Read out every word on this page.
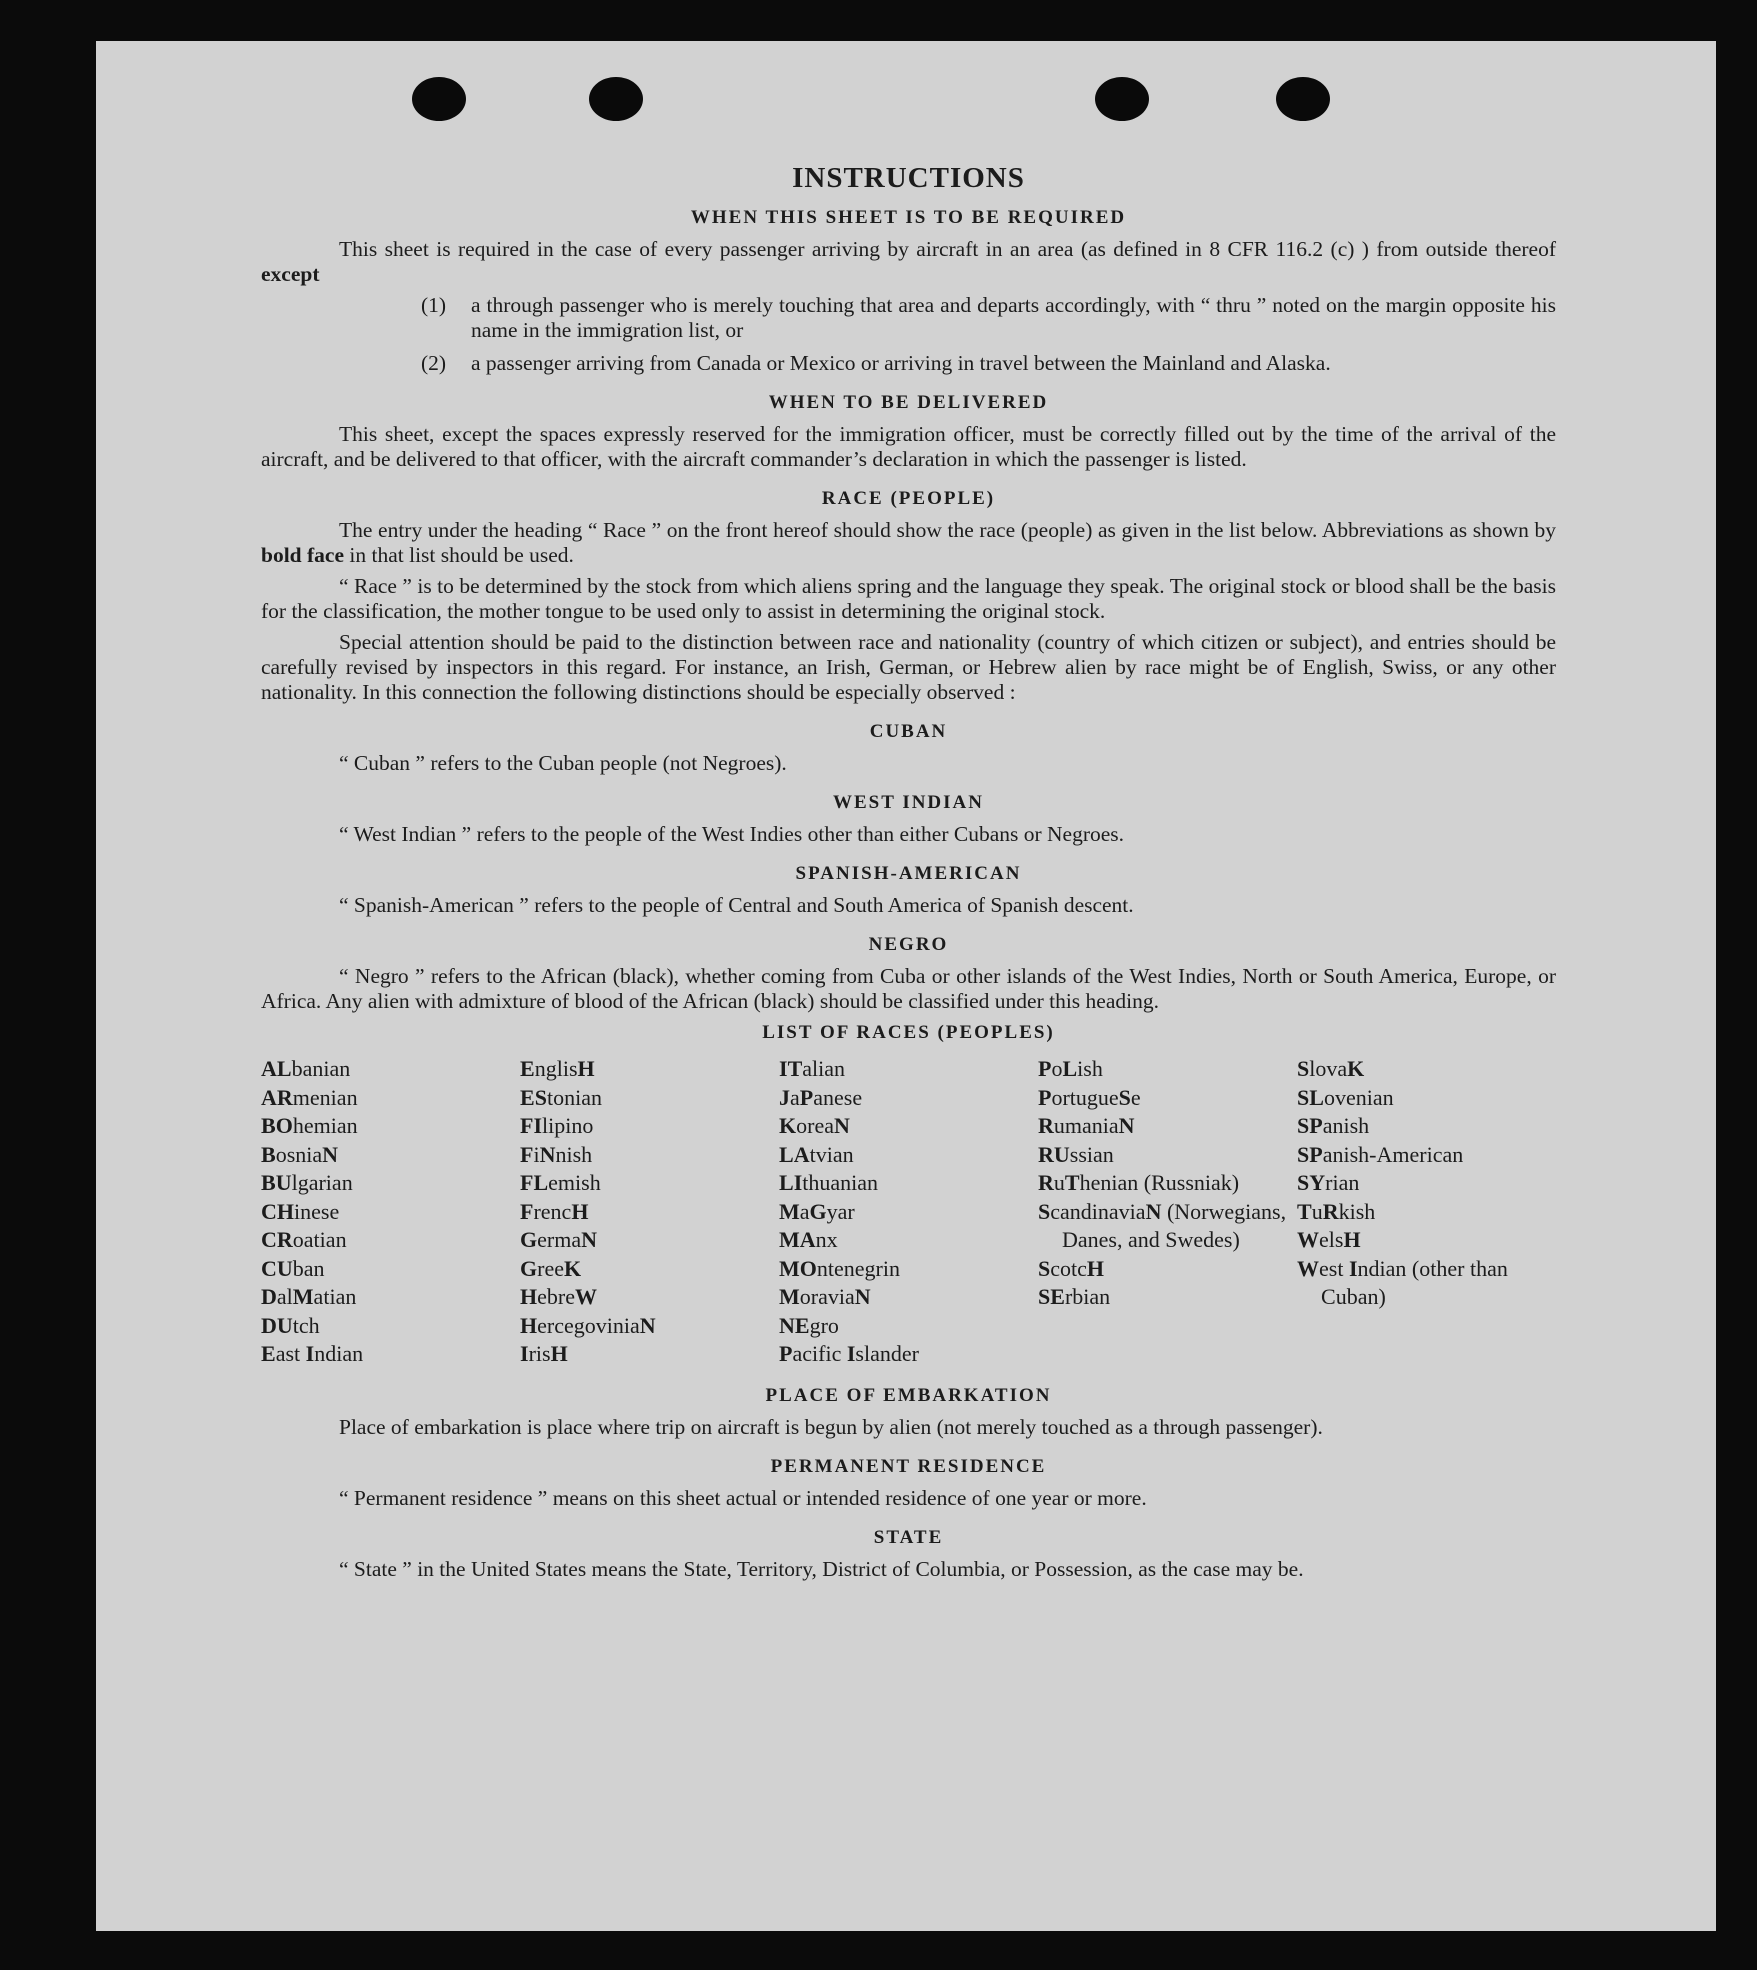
INSTRUCTIONS
WHEN THIS SHEET IS TO BE REQUIRED

This sheet is required in the case of every passenger arriving by aircraft in an area (as defined in 8 CFR 116.2 (c) ) from outside thereof except

(1) a through passenger who is merely touching that area and departs accordingly, with “ thru ” noted on the margin opposite his name in the immigration list, or

(2) a passenger arriving from Canada or Mexico or arriving in travel between the Mainland and Alaska.

WHEN TO BE DELIVERED

This sheet, except the spaces expressly reserved for the immigration officer, must be correctly filled out by the time of the arrival of the aircraft, and be delivered to that officer, with the aircraft commander’s declaration in which the passenger is listed.

RACE (PEOPLE)

The entry under the heading “ Race ” on the front hereof should show the race (people) as given in the list below. Abbreviations as shown by bold face in that list should be used.

“ Race ” is to be determined by the stock from which aliens spring and the language they speak. The original stock or blood shall be the basis for the classification, the mother tongue to be used only to assist in determining the original stock.

Special attention should be paid to the distinction between race and nationality (country of which citizen or subject), and entries should be carefully revised by inspectors in this regard. For instance, an Irish, German, or Hebrew alien by race might be of English, Swiss, or any other nationality. In this connection the following distinctions should be especially observed :

CUBAN

“ Cuban ” refers to the Cuban people (not Negroes).

WEST INDIAN

“ West Indian ” refers to the people of the West Indies other than either Cubans or Negroes.

SPANISH-AMERICAN

“ Spanish-American ” refers to the people of Central and South America of Spanish descent.

NEGRO

“ Negro ” refers to the African (black), whether coming from Cuba or other islands of the West Indies, North or South America, Europe, or Africa. Any alien with admixture of blood of the African (black) should be classified under this heading.

LIST OF RACES (PEOPLES)
ALbanian
ARmenian
BOhemian
BosniaN
BUlgarian
CHinese
CRoatian
CUban
DalMatian
DUtch
East Indian
EnglisH
EStonian
FIlipino
FiNnish
FLemish
FrencH
GermaN
GreeK
HebreW
HercegoviniaN
IrisH
ITalian
JaPanese
KoreaN
LAtvian
LIthuanian
MaGyar
MAnx
MOntenegrin
MoraviaN
NEgro
Pacific Islander
PoLish
PortugueSe
RumaniaN
RUssian
RuThenian (Russniak)
ScandinaviaN (Norwegians, Danes, and Swedes)
ScotcH
SErbian
SlovaK
SLovenian
SPanish
SPanish-American
SYrian
TuRkish
WelsH
West Indian (other than Cuban)
PLACE OF EMBARKATION

Place of embarkation is place where trip on aircraft is begun by alien (not merely touched as a through passenger).

PERMANENT RESIDENCE

“ Permanent residence ” means on this sheet actual or intended residence of one year or more.

STATE

“ State ” in the United States means the State, Territory, District of Columbia, or Possession, as the case may be.
